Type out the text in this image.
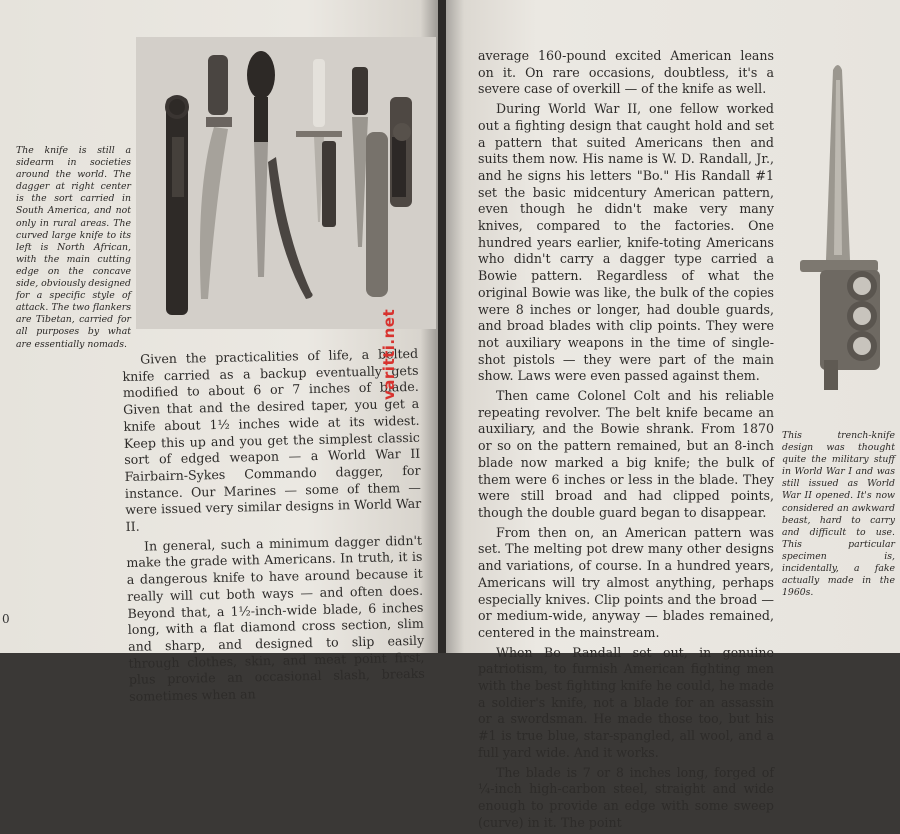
The knife is still a sidearm in societies around the world. The dagger at right center is the sort carried in South America, and not only in rural areas. The curved large knife to its left is North African, with the main cutting edge on the concave side, obviously designed for a specific style of attack. The two flankers are Tibetan, carried for all purposes by what are essentially nomads.

Given the practicalities of life, a belted knife carried as a backup eventually gets modified to about 6 or 7 inches of blade. Given that and the desired taper, you get a knife about 1½ inches wide at its widest. Keep this up and you get the simplest classic sort of edged weapon — a World War II Fairbairn-Sykes Commando dagger, for instance. Our Marines — some of them — were issued very similar designs in World War II.

In general, such a minimum dagger didn't make the grade with Americans. In truth, it is a dangerous knife to have around because it really will cut both ways — and often does. Beyond that, a 1½-inch-wide blade, 6 inches long, with a flat diamond cross section, slim and sharp, and designed to slip easily through clothes, skin, and meat point first, plus provide an occasional slash, breaks sometimes when an

0

average 160-pound excited American leans on it. On rare occasions, doubtless, it's a severe case of overkill — of the knife as well.

During World War II, one fellow worked out a fighting design that caught hold and set a pattern that suited Americans then and suits them now. His name is W. D. Randall, Jr., and he signs his letters "Bo." His Randall #1 set the basic midcentury American pattern, even though he didn't make very many knives, compared to the factories. One hundred years earlier, knife-toting Americans who didn't carry a dagger type carried a Bowie pattern. Regardless of what the original Bowie was like, the bulk of the copies were 8 inches or longer, had double guards, and broad blades with clip points. They were not auxiliary weapons in the time of single-shot pistols — they were part of the main show. Laws were even passed against them.

Then came Colonel Colt and his reliable repeating revolver. The belt knife became an auxiliary, and the Bowie shrank. From 1870 or so on the pattern remained, but an 8-inch blade now marked a big knife; the bulk of them were 6 inches or less in the blade. They were still broad and had clipped points, though the double guard began to disappear.

From then on, an American pattern was set. The melting pot drew many other designs and variations, of course. In a hundred years, Americans will try almost anything, perhaps especially knives. Clip points and the broad — or medium-wide, anyway — blades remained, centered in the mainstream.

When Bo Randall set out, in genuine patriotism, to furnish American fighting men with the best fighting knife he could, he made a soldier's knife, not a blade for an assassin or a swordsman. He made those too, but his #1 is true blue, star-spangled, all wool, and a full yard wide. And it works.

The blade is 7 or 8 inches long, forged of ¼-inch high-carbon steel, straight and wide enough to provide an edge with some sweep (curve) in it. The point

This trench-knife design was thought quite the military stuff in World War I and was still issued as World War II opened. It's now considered an awkward beast, hard to carry and difficult to use. This particular specimen is, incidentally, a fake actually made in the 1960s.

varitti.net
